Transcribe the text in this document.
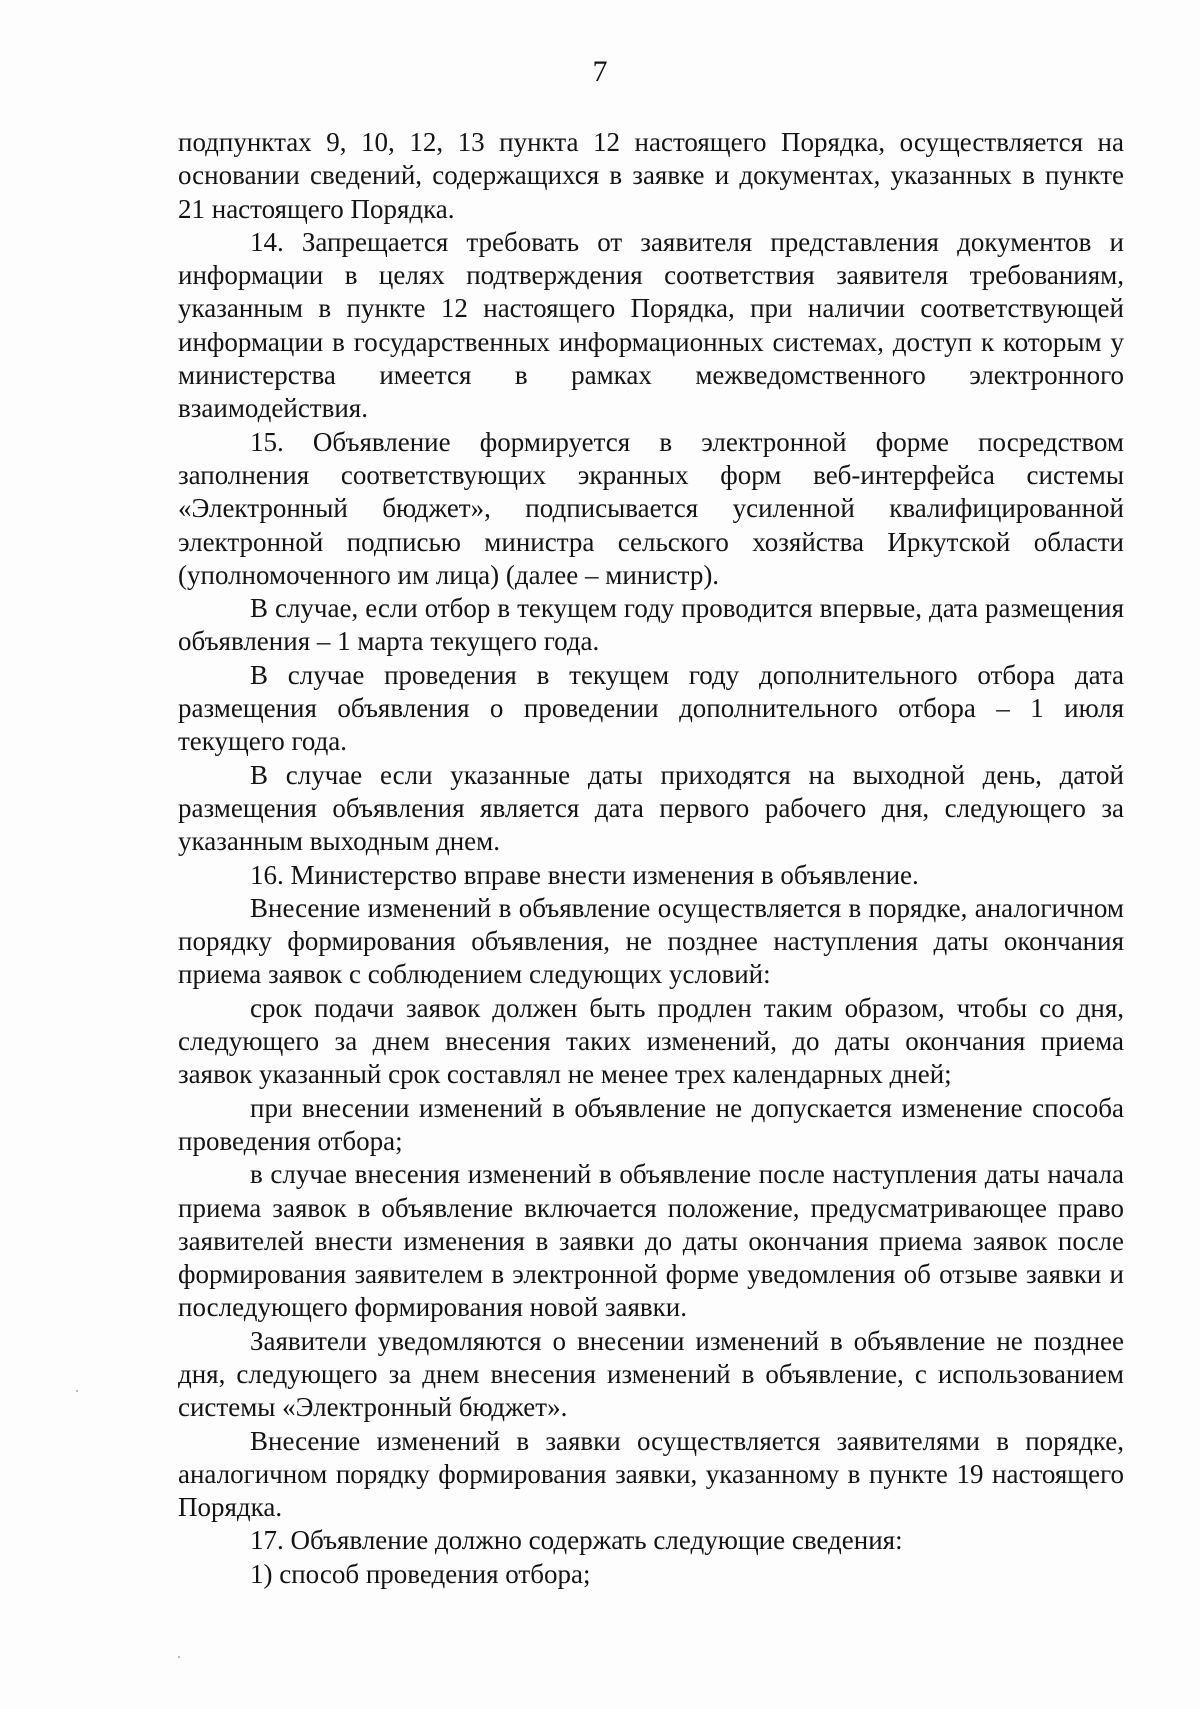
7

подпунктах 9, 10, 12, 13 пункта 12 настоящего Порядка, осуществляется на основании сведений, содержащихся в заявке и документах, указанных в пункте 21 настоящего Порядка.

14. Запрещается требовать от заявителя представления документов и информации в целях подтверждения соответствия заявителя требованиям, указанным в пункте 12 настоящего Порядка, при наличии соответствующей информации в государственных информационных системах, доступ к которым у министерства имеется в рамках межведомственного электронного взаимодействия.

15. Объявление формируется в электронной форме посредством заполнения соответствующих экранных форм веб-интерфейса системы «Электронный бюджет», подписывается усиленной квалифицированной электронной подписью министра сельского хозяйства Иркутской области (уполномоченного им лица) (далее – министр).

В случае, если отбор в текущем году проводится впервые, дата размещения объявления – 1 марта текущего года.

В случае проведения в текущем году дополнительного отбора дата размещения объявления о проведении дополнительного отбора – 1 июля текущего года.

В случае если указанные даты приходятся на выходной день, датой размещения объявления является дата первого рабочего дня, следующего за указанным выходным днем.

16. Министерство вправе внести изменения в объявление.

Внесение изменений в объявление осуществляется в порядке, аналогичном порядку формирования объявления, не позднее наступления даты окончания приема заявок с соблюдением следующих условий:

срок подачи заявок должен быть продлен таким образом, чтобы со дня, следующего за днем внесения таких изменений, до даты окончания приема заявок указанный срок составлял не менее трех календарных дней;

при внесении изменений в объявление не допускается изменение способа проведения отбора;

в случае внесения изменений в объявление после наступления даты начала приема заявок в объявление включается положение, предусматривающее право заявителей внести изменения в заявки до даты окончания приема заявок после формирования заявителем в электронной форме уведомления об отзыве заявки и последующего формирования новой заявки.

Заявители уведомляются о внесении изменений в объявление не позднее дня, следующего за днем внесения изменений в объявление, с использованием системы «Электронный бюджет».

Внесение изменений в заявки осуществляется заявителями в порядке, аналогичном порядку формирования заявки, указанному в пункте 19 настоящего Порядка.

17. Объявление должно содержать следующие сведения:

1) способ проведения отбора;
